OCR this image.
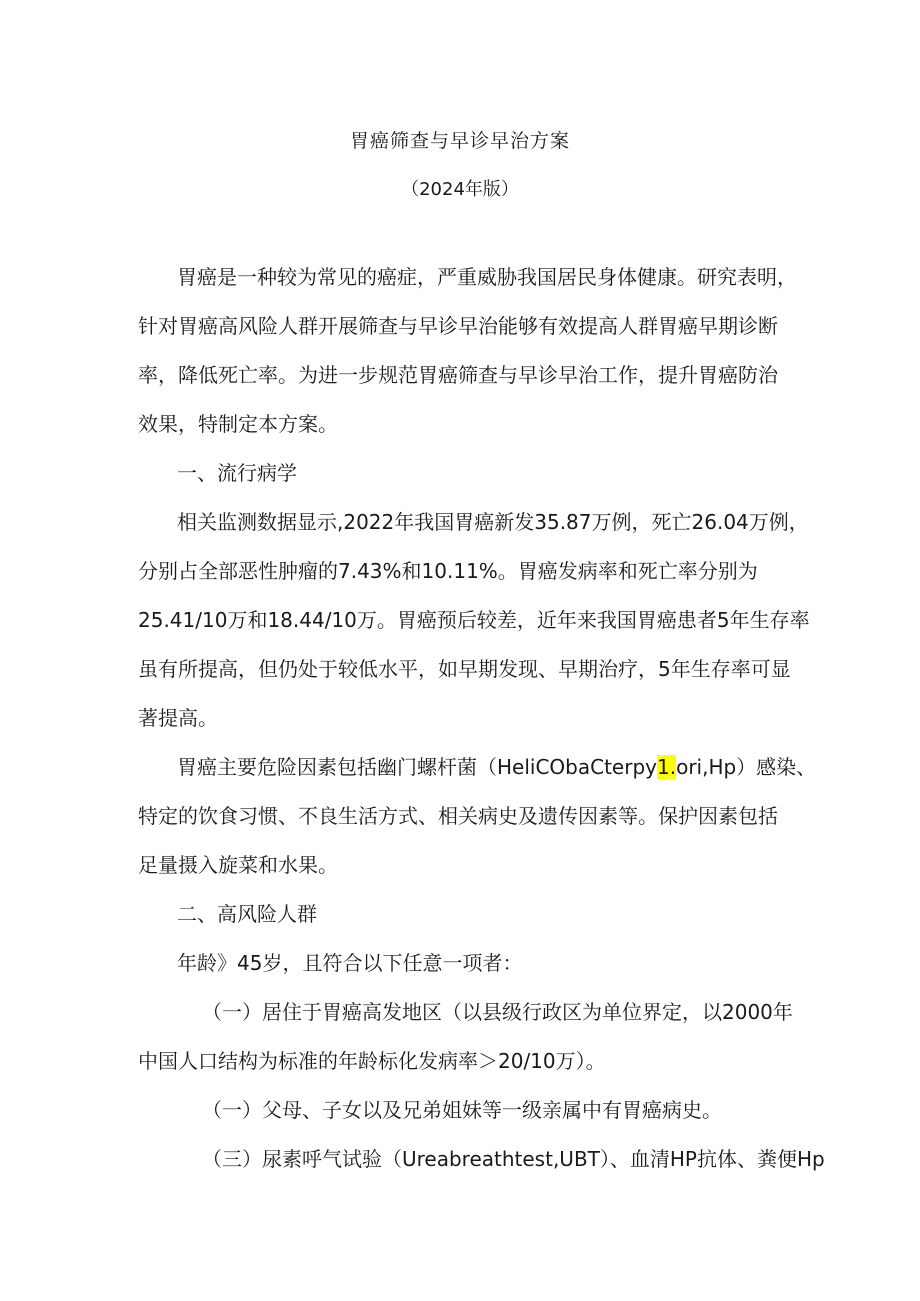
胃癌筛查与早诊早治方案
（2024年版）
胃癌是一种较为常见的癌症，严重威胁我国居民身体健康。研究表明，
针对胃癌高风险人群开展筛查与早诊早治能够有效提高人群胃癌早期诊断
率，降低死亡率。为进一步规范胃癌筛查与早诊早治工作，提升胃癌防治
效果，特制定本方案。
一、流行病学
相关监测数据显示,2022年我国胃癌新发35.87万例，死亡26.04万例，
分别占全部恶性肿瘤的7.43%和10.11%。胃癌发病率和死亡率分别为
25.41/10万和18.44/10万。胃癌预后较差，近年来我国胃癌患者5年生存率
虽有所提高，但仍处于较低水平，如早期发现、早期治疗，5年生存率可显
著提高。
胃癌主要危险因素包括幽门螺杆菌（HeliCObaCterpy1.ori,Hp）感染、
特定的饮食习惯、不良生活方式、相关病史及遗传因素等。保护因素包括
足量摄入旋菜和水果。
二、高风险人群
年龄》45岁，且符合以下任意一项者：
（一）居住于胃癌高发地区（以县级行政区为单位界定，以2000年
中国人口结构为标准的年龄标化发病率＞20/10万）。
（一）父母、子女以及兄弟姐妹等一级亲属中有胃癌病史。
（三）尿素呼气试验（Ureabreathtest,UBT）、血清HP抗体、粪便Hp
